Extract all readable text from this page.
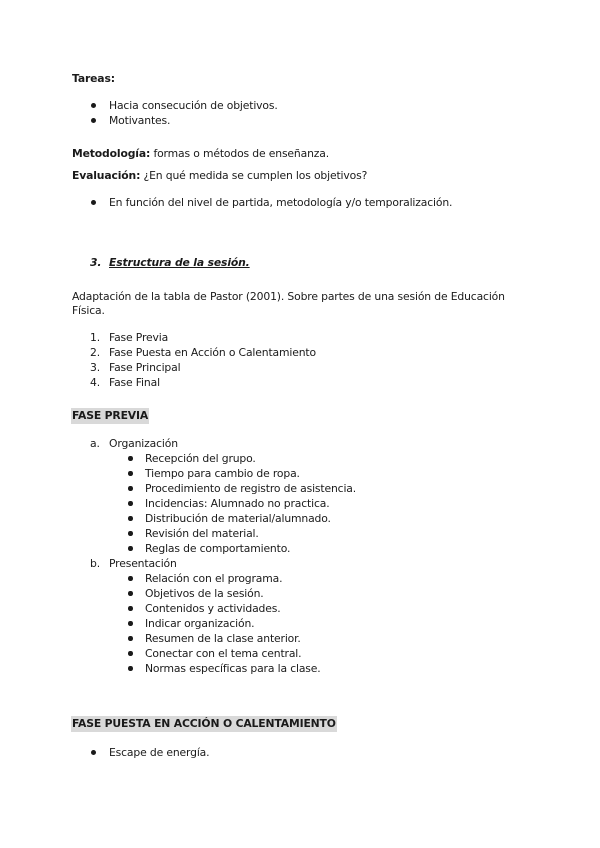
Tareas:
Hacia consecución de objetivos.
Motivantes.
Metodología: formas o métodos de enseñanza.
Evaluación: ¿En qué medida se cumplen los objetivos?
En función del nivel de partida, metodología y/o temporalización.
3. Estructura de la sesión.
Adaptación de la tabla de Pastor (2001). Sobre partes de una sesión de Educación
Física.
1. Fase Previa
2. Fase Puesta en Acción o Calentamiento
3. Fase Principal
4. Fase Final
FASE PREVIA
a. Organización
Recepción del grupo.
Tiempo para cambio de ropa.
Procedimiento de registro de asistencia.
Incidencias: Alumnado no practica.
Distribución de material/alumnado.
Revisión del material.
Reglas de comportamiento.
b. Presentación
Relación con el programa.
Objetivos de la sesión.
Contenidos y actividades.
Indicar organización.
Resumen de la clase anterior.
Conectar con el tema central.
Normas específicas para la clase.
FASE PUESTA EN ACCIÓN O CALENTAMIENTO
Escape de energía.
